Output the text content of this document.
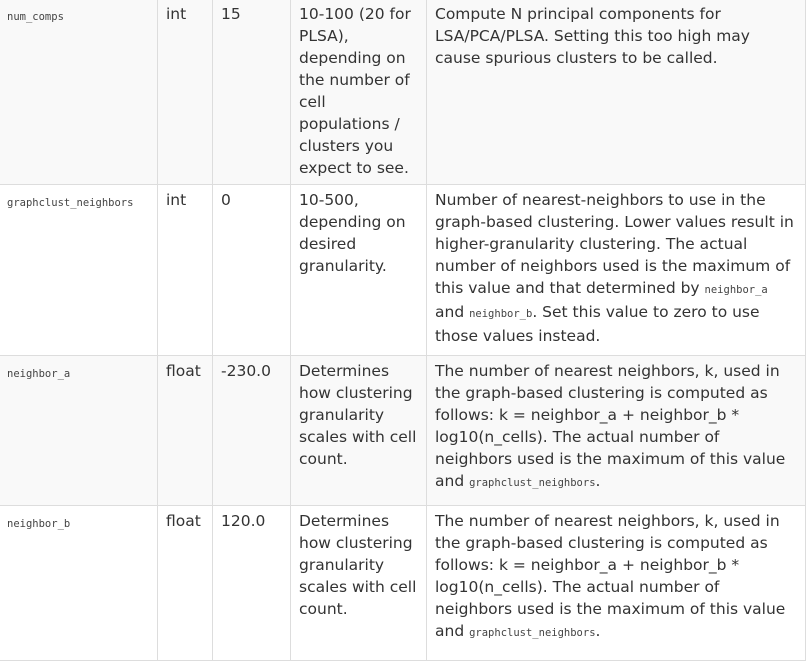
num_comps	int	15	10-100 (20 for PLSA), depending on the number of cell populations / clusters you expect to see.	Compute N principal components for LSA/PCA/PLSA. Setting this too high may cause spurious clusters to be called.
graphclust_neighbors	int	0	10-500, depending on desired granularity.	Number of nearest-neighbors to use in the graph-based clustering. Lower values result in higher-granularity clustering. The actual number of neighbors used is the maximum of this value and that determined by neighbor_a and neighbor_b. Set this value to zero to use those values instead.
neighbor_a	float	-230.0	Determines how clustering granularity scales with cell count.	The number of nearest neighbors, k, used in the graph-based clustering is computed as follows: k = neighbor_a + neighbor_b * log10(n_cells). The actual number of neighbors used is the maximum of this value and graphclust_neighbors.
neighbor_b	float	120.0	Determines how clustering granularity scales with cell count.	The number of nearest neighbors, k, used in the graph-based clustering is computed as follows: k = neighbor_a + neighbor_b * log10(n_cells). The actual number of neighbors used is the maximum of this value and graphclust_neighbors.
